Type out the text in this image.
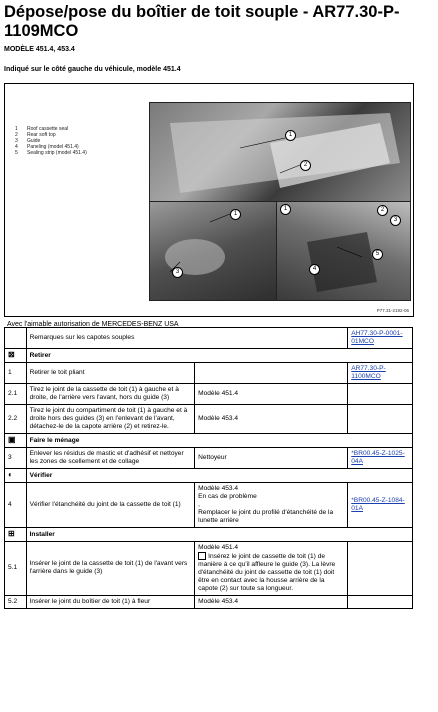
Dépose/pose du boîtier de toit souple - AR77.30-P-1109MCO
MODÈLE 451.4, 453.4
Indiqué sur le côté gauche du véhicule, modèle 451.4
1 Roof cassette seal
2 Rear soft top
3 Guide
4 Paneling (model 451.4)
5 Sealing strip (model 451.4)
1
2
1
3
1	2
3
4
5
P77.31-2192-06
Avec l'aimable autorisation de MERCEDES-BENZ USA
	Remarques sur les capotes souples		AH77.30-P-0001-01MCO
⊠	Retirer		
1	Retirer le toit pliant		AR77.30-P-1100MCO
2.1	Tirez le joint de la cassette de toit (1) à gauche et à droite, de l'arrière vers l'avant, hors du guide (3)	Modèle 451.4	
2.2	Tirez le joint du compartiment de toit (1) à gauche et à droite hors des guides (3) en l'enlevant de l'avant, détachez-le de la capote arrière (2) et retirez-le.	Modèle 453.4	
▣	Faire le ménage		
3	Enlever les résidus de mastic et d'adhésif et nettoyer les zones de scellement et de collage	Nettoyeur	*BR00.45-Z-1025-04A
◐	Vérifier		
4	Vérifier l'étanchéité du joint de la cassette de toit (1)	Modèle 453.4
En cas de problème
,
Remplacer le joint du profilé d'étanchéité de la lunette arrière	*BR00.45-Z-1084-01A
⊞	Installer		
5.1	Insérer le joint de la cassette de toit (1) de l'avant vers l'arrière dans le guide (3)	Modèle 451.4
Insérez le joint de cassette de toit (1) de manière à ce qu'il affleure le guide (3). La lèvre d'étanchéité du joint de cassette de toit (1) doit être en contact avec la housse arrière de la capote (2) sur toute sa longueur.	

5.2	Insérer le joint du boîtier de toit (1) à fleur	Modèle 453.4	
